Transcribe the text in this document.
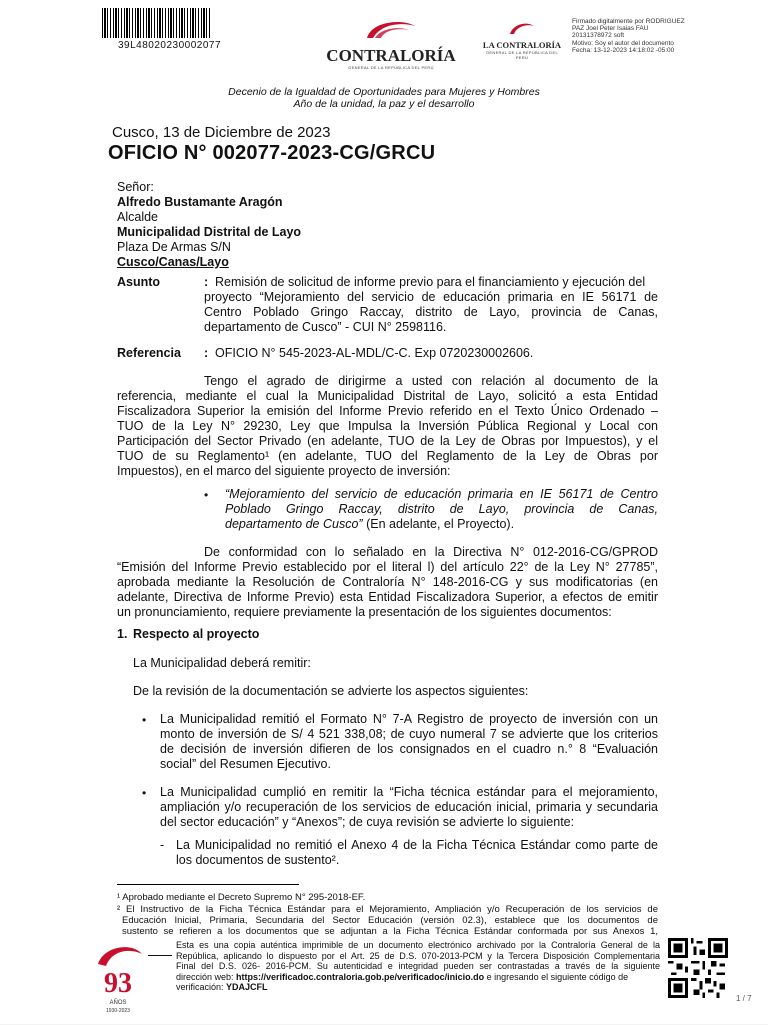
39L48020230002077
CONTRALORÍA
GENERAL DE LA REPÚBLICA DEL PERÚ
LA CONTRALORÍA
GENERAL DE LA REPÚBLICA DEL PERÚ
Firmado digitalmente por RODRIGUEZ
PAZ Joel Peter Isaias FAU
20131378972 soft
Motivo: Soy el autor del documento
Fecha: 13-12-2023 14:18:02 -05:00
Decenio de la Igualdad de Oportunidades para Mujeres y Hombres
Año de la unidad, la paz y el desarrollo
Cusco, 13 de Diciembre de 2023
OFICIO N° 002077-2023-CG/GRCU
Señor:
Alfredo Bustamante Aragón
Alcalde
Municipalidad Distrital de Layo
Plaza De Armas S/N
Cusco/Canas/Layo
Asunto	: Remisión de solicitud de informe previo para el financiamiento y ejecución del
proyecto “Mejoramiento del servicio de educación primaria en IE 56171 de
Centro Poblado Gringo Raccay, distrito de Layo, provincia de Canas,
departamento de Cusco” - CUI N° 2598116.
Referencia : OFICIO N° 545-2023-AL-MDL/C-C. Exp 0720230002606.
Tengo el agrado de dirigirme a usted con relación al documento de la
referencia, mediante el cual la Municipalidad Distrital de Layo, solicitó a esta Entidad
Fiscalizadora Superior la emisión del Informe Previo referido en el Texto Único Ordenado –
TUO de la Ley N° 29230, Ley que Impulsa la Inversión Pública Regional y Local con
Participación del Sector Privado (en adelante, TUO de la Ley de Obras por Impuestos), y el
TUO de su Reglamento¹ (en adelante, TUO del Reglamento de la Ley de Obras por
Impuestos), en el marco del siguiente proyecto de inversión:
• “Mejoramiento del servicio de educación primaria en IE 56171 de Centro
Poblado Gringo Raccay, distrito de Layo, provincia de Canas,
departamento de Cusco” (En adelante, el Proyecto).
De conformidad con lo señalado en la Directiva N° 012-2016-CG/GPROD
“Emisión del Informe Previo establecido por el literal l) del artículo 22° de la Ley N° 27785”,
aprobada mediante la Resolución de Contraloría N° 148-2016-CG y sus modificatorias (en
adelante, Directiva de Informe Previo) esta Entidad Fiscalizadora Superior, a efectos de emitir
un pronunciamiento, requiere previamente la presentación de los siguientes documentos:
1. Respecto al proyecto
La Municipalidad deberá remitir:
De la revisión de la documentación se advierte los aspectos siguientes:
• La Municipalidad remitió el Formato N° 7-A Registro de proyecto de inversión con un
monto de inversión de S/ 4 521 338,08; de cuyo numeral 7 se advierte que los criterios
de decisión de inversión difieren de los consignados en el cuadro n.° 8 “Evaluación
social” del Resumen Ejecutivo.
• La Municipalidad cumplió en remitir la “Ficha técnica estándar para el mejoramiento,
ampliación y/o recuperación de los servicios de educación inicial, primaria y secundaria
del sector educación” y “Anexos”; de cuya revisión se advierte lo siguiente:
- La Municipalidad no remitió el Anexo 4 de la Ficha Técnica Estándar como parte de
los documentos de sustento².
¹ Aprobado mediante el Decreto Supremo N° 295-2018-EF.
² El Instructivo de la Ficha Técnica Estándar para el Mejoramiento, Ampliación y/o Recuperación de los servicios de
Educación Inicial, Primaria, Secundaria del Sector Educación (versión 02.3), establece que los documentos de
sustento se refieren a los documentos que se adjuntan a la Ficha Técnica Estándar conformada por sus Anexos 1,
93
AÑOS
1930-2023
Esta es una copia auténtica imprimible de un documento electrónico archivado por la Contraloría General de la
República, aplicando lo dispuesto por el Art. 25 de D.S. 070-2013-PCM y la Tercera Disposición Complementaria
Final del D.S. 026- 2016-PCM. Su autenticidad e integridad pueden ser contrastadas a través de la siguiente
dirección web: https://verificadoc.contraloria.gob.pe/verificadoc/inicio.do e ingresando el siguiente código de
verificación: YDAJCFL
1 / 7
